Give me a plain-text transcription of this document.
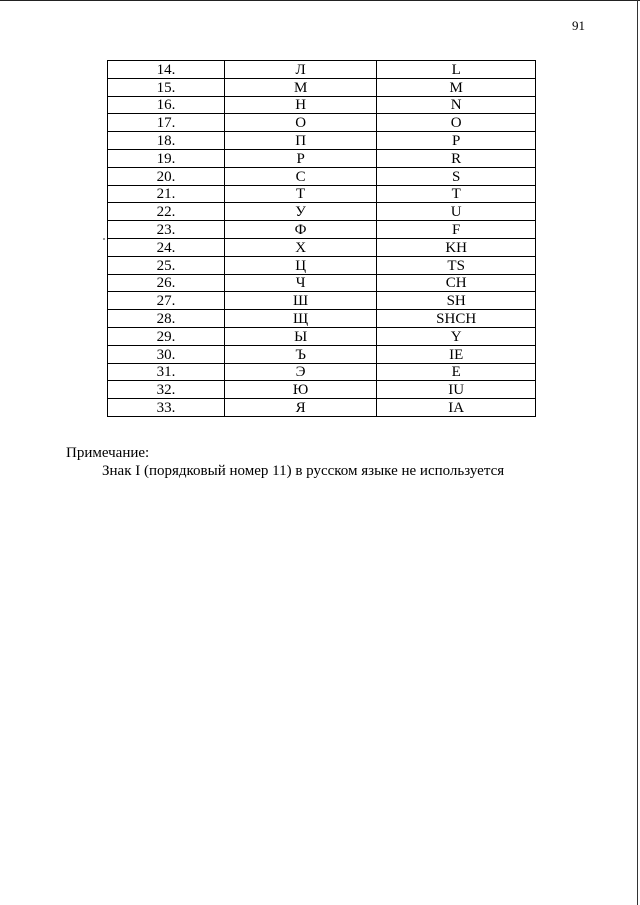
91
14.	Л	L
15.	М	M
16.	Н	N
17.	О	O
18.	П	P
19.	Р	R
20.	С	S
21.	Т	T
22.	У	U
23.	Ф	F
24.	Х	KH
25.	Ц	TS
26.	Ч	CH
27.	Ш	SH
28.	Щ	SHCH
29.	Ы	Y
30.	Ъ	IE
31.	Э	E
32.	Ю	IU
33.	Я	IA
Примечание:
Знак I (порядковый номер 11) в русском языке не используется
